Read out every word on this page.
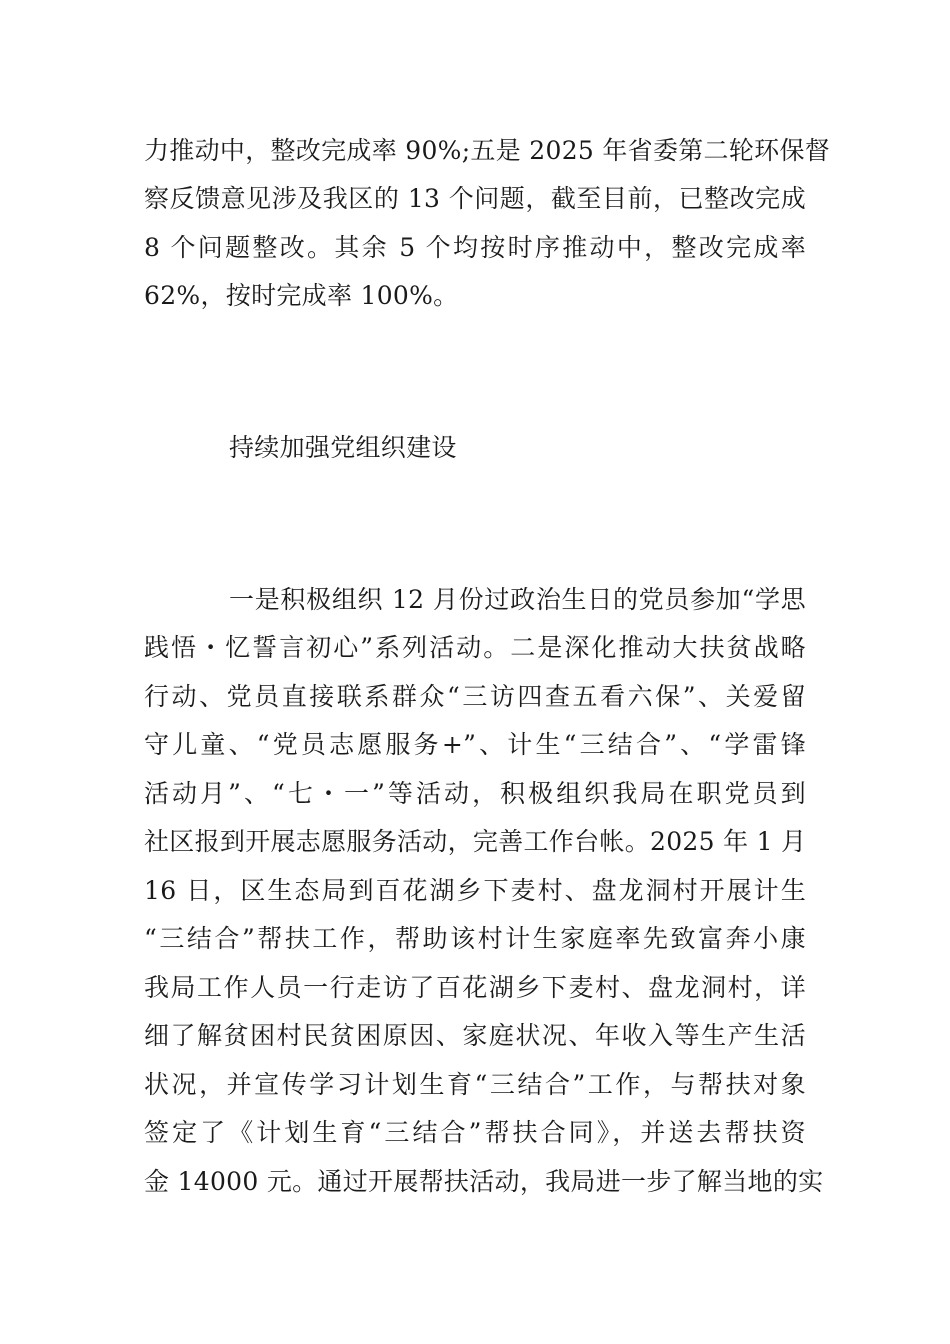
力推动中，整改完成率 90%;五是 2025 年省委第二轮环保督
察反馈意见涉及我区的 13 个问题，截至目前，已整改完成
8 个问题整改。其余 5 个均按时序推动中，整改完成率
62%，按时完成率 100%。
持续加强党组织建设
一是积极组织 12 月份过政治生日的党员参加“学思
践悟・忆誓言初心”系列活动。二是深化推动大扶贫战略
行动、党员直接联系群众“三访四查五看六保”、关爱留
守儿童、“党员志愿服务+”、计生“三结合”、“学雷锋
活动月”、“七・一”等活动，积极组织我局在职党员到
社区报到开展志愿服务活动，完善工作台帐。2025 年 1 月
16 日，区生态局到百花湖乡下麦村、盘龙洞村开展计生
“三结合”帮扶工作，帮助该村计生家庭率先致富奔小康
我局工作人员一行走访了百花湖乡下麦村、盘龙洞村，详
细了解贫困村民贫困原因、家庭状况、年收入等生产生活
状况，并宣传学习计划生育“三结合”工作，与帮扶对象
签定了《计划生育“三结合”帮扶合同》，并送去帮扶资
金 14000 元。通过开展帮扶活动，我局进一步了解当地的实
